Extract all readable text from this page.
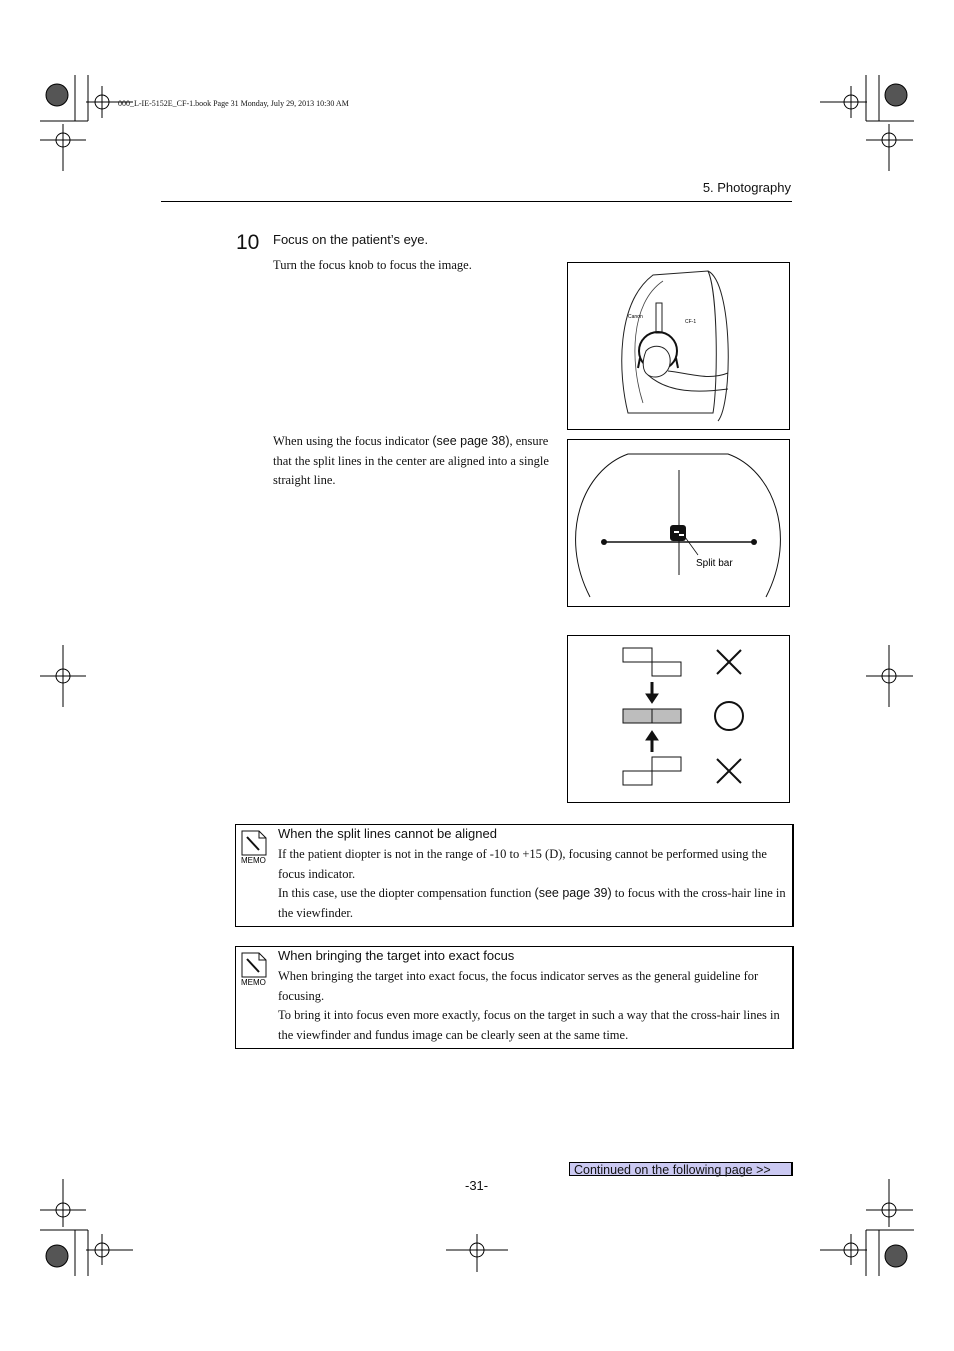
000_L-IE-5152E_CF-1.book Page 31 Monday, July 29, 2013 10:30 AM
5. Photography
10 Focus on the patient’s eye.
Turn the focus knob to focus the image.
When using the focus indicator (see page 38), ensure that the split lines in the center are aligned into a single straight line.
Canon
CF-1
Split bar
MEMO
When the split lines cannot be aligned
If the patient diopter is not in the range of -10 to +15 (D), focusing cannot be performed using the focus indicator.
In this case, use the diopter compensation function (see page 39) to focus with the cross-hair line in the viewfinder.
MEMO
When bringing the target into exact focus
When bringing the target into exact focus, the focus indicator serves as the general guideline for focusing.
To bring it into focus even more exactly, focus on the target in such a way that the cross-hair lines in the viewfinder and fundus image can be clearly seen at the same time.
Continued on the following page >>
-31-
